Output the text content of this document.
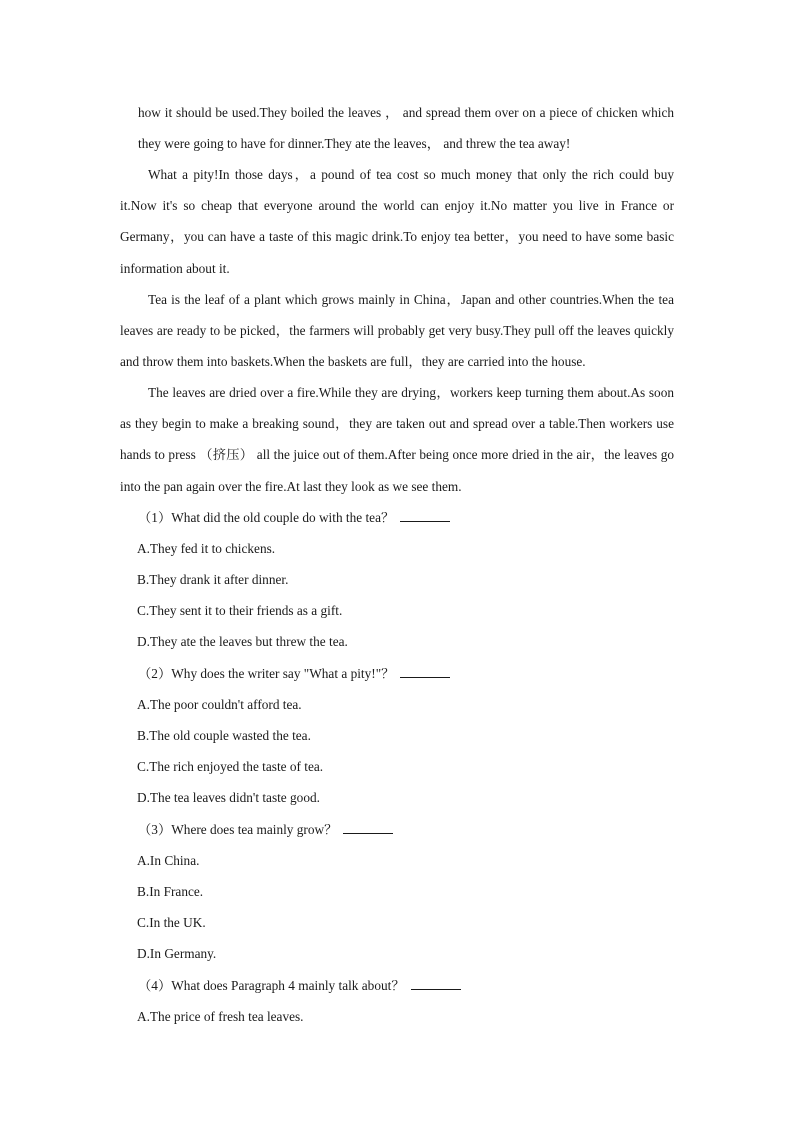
how it should be used.They boiled the leaves ， and spread them over on a piece of chicken which they were going to have for dinner.They ate the leaves， and threw the tea away!

What a pity!In those days，a pound of tea cost so much money that only the rich could buy it.Now it's so cheap that everyone around the world can enjoy it.No matter you live in France or Germany，you can have a taste of this magic drink.To enjoy tea better，you need to have some basic information about it.

Tea is the leaf of a plant which grows mainly in China，Japan and other countries.When the tea leaves are ready to be picked，the farmers will probably get very busy.They pull off the leaves quickly and throw them into baskets.When the baskets are full，they are carried into the house.

The leaves are dried over a fire.While they are drying，workers keep turning them about.As soon as they begin to make a breaking sound，they are taken out and spread over a table.Then workers use hands to press （挤压） all the juice out of them.After being once more dried in the air，the leaves go into the pan again over the fire.At last they look as we see them.

（1）What did the old couple do with the tea？

A.They fed it to chickens.

B.They drank it after dinner.

C.They sent it to their friends as a gift.

D.They ate the leaves but threw the tea.

（2）Why does the writer say "What a pity!"？

A.The poor couldn't afford tea.

B.The old couple wasted the tea.

C.The rich enjoyed the taste of tea.

D.The tea leaves didn't taste good.

（3）Where does tea mainly grow？

A.In China.

B.In France.

C.In the UK.

D.In Germany.

（4）What does Paragraph 4 mainly talk about？

A.The price of fresh tea leaves.
